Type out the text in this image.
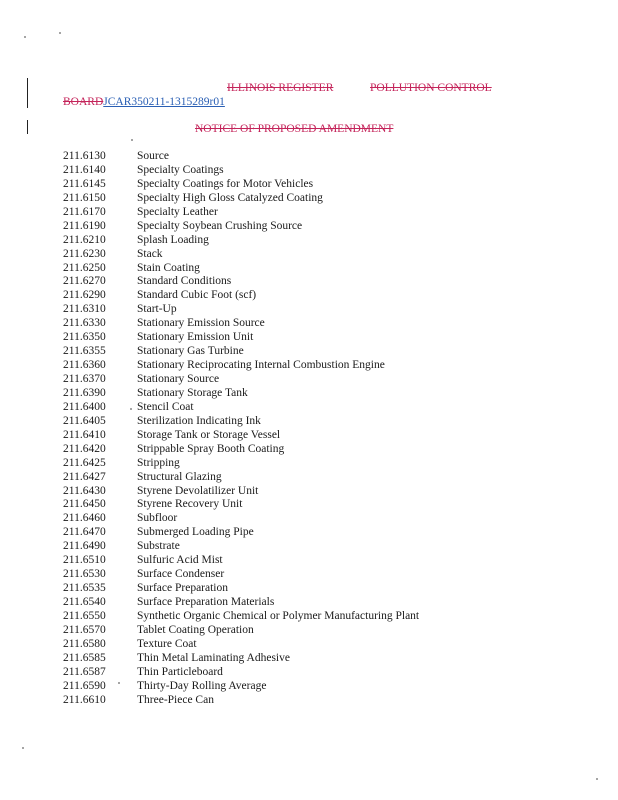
ILLINOIS REGISTER	POLLUTION CONTROL
BOARDJCAR350211-1315289r01
NOTICE OF PROPOSED AMENDMENT
211.6130	Source
211.6140	Specialty Coatings
211.6145	Specialty Coatings for Motor Vehicles
211.6150	Specialty High Gloss Catalyzed Coating
211.6170	Specialty Leather
211.6190	Specialty Soybean Crushing Source
211.6210	Splash Loading
211.6230	Stack
211.6250	Stain Coating
211.6270	Standard Conditions
211.6290	Standard Cubic Foot (scf)
211.6310	Start-Up
211.6330	Stationary Emission Source
211.6350	Stationary Emission Unit
211.6355	Stationary Gas Turbine
211.6360	Stationary Reciprocating Internal Combustion Engine
211.6370	Stationary Source
211.6390	Stationary Storage Tank
211.6400	Stencil Coat
211.6405	Sterilization Indicating Ink
211.6410	Storage Tank or Storage Vessel
211.6420	Strippable Spray Booth Coating
211.6425	Stripping
211.6427	Structural Glazing
211.6430	Styrene Devolatilizer Unit
211.6450	Styrene Recovery Unit
211.6460	Subfloor
211.6470	Submerged Loading Pipe
211.6490	Substrate
211.6510	Sulfuric Acid Mist
211.6530	Surface Condenser
211.6535	Surface Preparation
211.6540	Surface Preparation Materials
211.6550	Synthetic Organic Chemical or Polymer Manufacturing Plant
211.6570	Tablet Coating Operation
211.6580	Texture Coat
211.6585	Thin Metal Laminating Adhesive
211.6587	Thin Particleboard
211.6590	Thirty-Day Rolling Average
211.6610	Three-Piece Can
